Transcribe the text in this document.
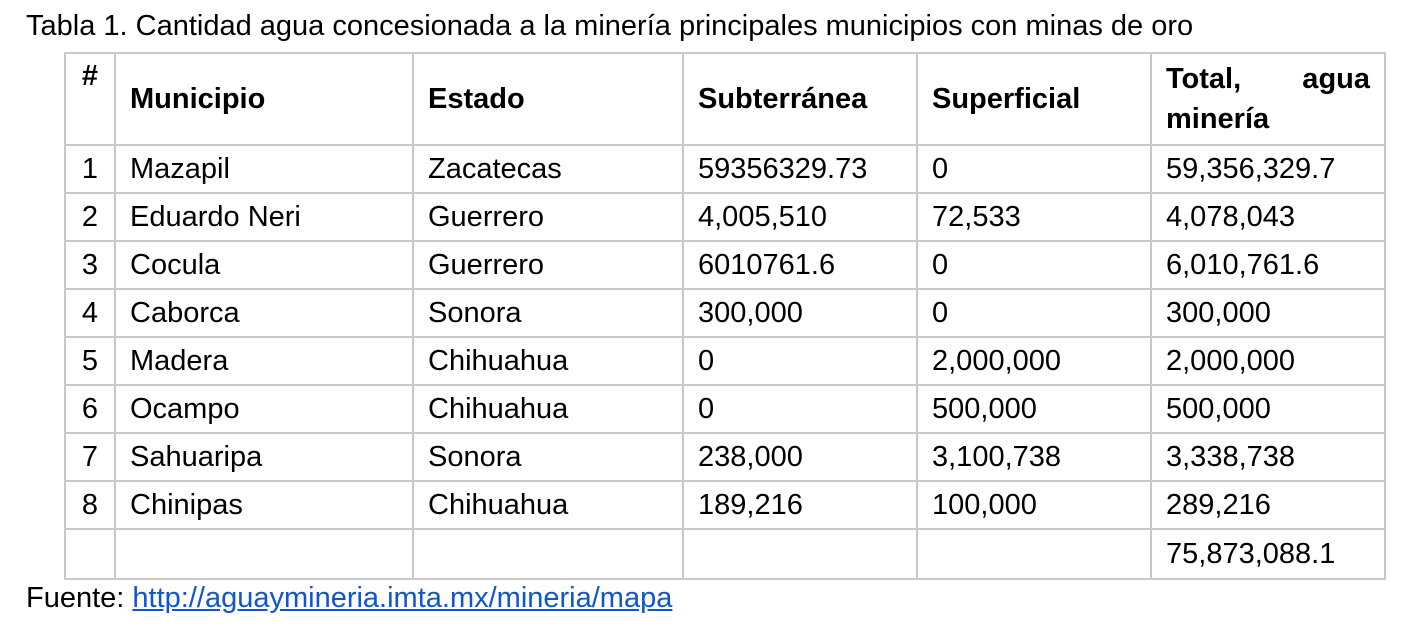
Tabla 1. Cantidad agua concesionada a la minería principales municipios con minas de oro
#	Municipio	Estado	Subterránea	Superficial	Total, agua minería
1	Mazapil	Zacatecas	59356329.73	0	59,356,329.7
2	Eduardo Neri	Guerrero	4,005,510	72,533	4,078,043
3	Cocula	Guerrero	6010761.6	0	6,010,761.6
4	Caborca	Sonora	300,000	0	300,000
5	Madera	Chihuahua	0	2,000,000	2,000,000
6	Ocampo	Chihuahua	0	500,000	500,000
7	Sahuaripa	Sonora	238,000	3,100,738	3,338,738
8	Chinipas	Chihuahua	189,216	100,000	289,216
					75,873,088.1
Fuente: http://aguaymineria.imta.mx/mineria/mapa
